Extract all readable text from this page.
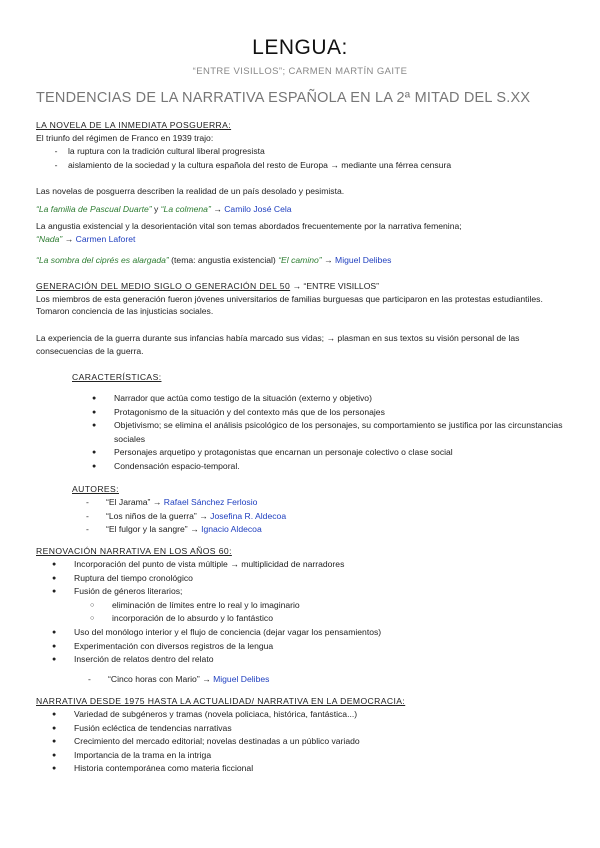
LENGUA:
“ENTRE VISILLOS”; CARMEN MARTÍN GAITE
TENDENCIAS DE LA NARRATIVA ESPAÑOLA EN LA 2ª MITAD DEL S.XX
LA NOVELA DE LA INMEDIATA POSGUERRA:
El triunfo del régimen de Franco en 1939 trajo:
-	la ruptura con la tradición cultural liberal progresista
-	aislamiento de la sociedad y la cultura española del resto de Europa → mediante una férrea censura
Las novelas de posguerra describen la realidad de un país desolado y pesimista.
“La familia de Pascual Duarte” y “La colmena” → Camilo José Cela
La angustia existencial y la desorientación vital son temas abordados frecuentemente por la narrativa femenina;
“Nada” → Carmen Laforet
“La sombra del ciprés es alargada” (tema: angustia existencial) “El camino” → Miguel Delibes
GENERACIÓN DEL MEDIO SIGLO O GENERACIÓN DEL 50 → “ENTRE VISILLOS”
Los miembros de esta generación fueron jóvenes universitarios de familias burguesas que participaron en las protestas estudiantiles. Tomaron conciencia de las injusticias sociales.
La experiencia de la guerra durante sus infancias había marcado sus vidas; → plasman en sus textos su visión personal de las consecuencias de la guerra.
CARACTERÍSTICAS:
●	Narrador que actúa como testigo de la situación (externo y objetivo)
●	Protagonismo de la situación y del contexto más que de los personajes
●	Objetivismo; se elimina el análisis psicológico de los personajes, su comportamiento se justifica por las circunstancias sociales
●	Personajes arquetipo y protagonistas que encarnan un personaje colectivo o clase social
●	Condensación espacio-temporal.
AUTORES:
-	“El Jarama” → Rafael Sánchez Ferlosio
-	“Los niños de la guerra” → Josefina R. Aldecoa
-	“El fulgor y la sangre” → Ignacio Aldecoa
RENOVACIÓN NARRATIVA EN LOS AÑOS 60:
●	Incorporación del punto de vista múltiple → multiplicidad de narradores
●	Ruptura del tiempo cronológico
●	Fusión de géneros literarios;
○	eliminación de límites entre lo real y lo imaginario
○	incorporación de lo absurdo y lo fantástico
●	Uso del monólogo interior y el flujo de conciencia (dejar vagar los pensamientos)
●	Experimentación con diversos registros de la lengua
●	Inserción de relatos dentro del relato
-	“Cinco horas con Mario” → Miguel Delibes
NARRATIVA DESDE 1975 HASTA LA ACTUALIDAD/ NARRATIVA EN LA DEMOCRACIA:
●	Variedad de subgéneros y tramas (novela policiaca, histórica, fantástica...)
●	Fusión ecléctica de tendencias narrativas
●	Crecimiento del mercado editorial; novelas destinadas a un público variado
●	Importancia de la trama en la intriga
●	Historia contemporánea como materia ficcional
